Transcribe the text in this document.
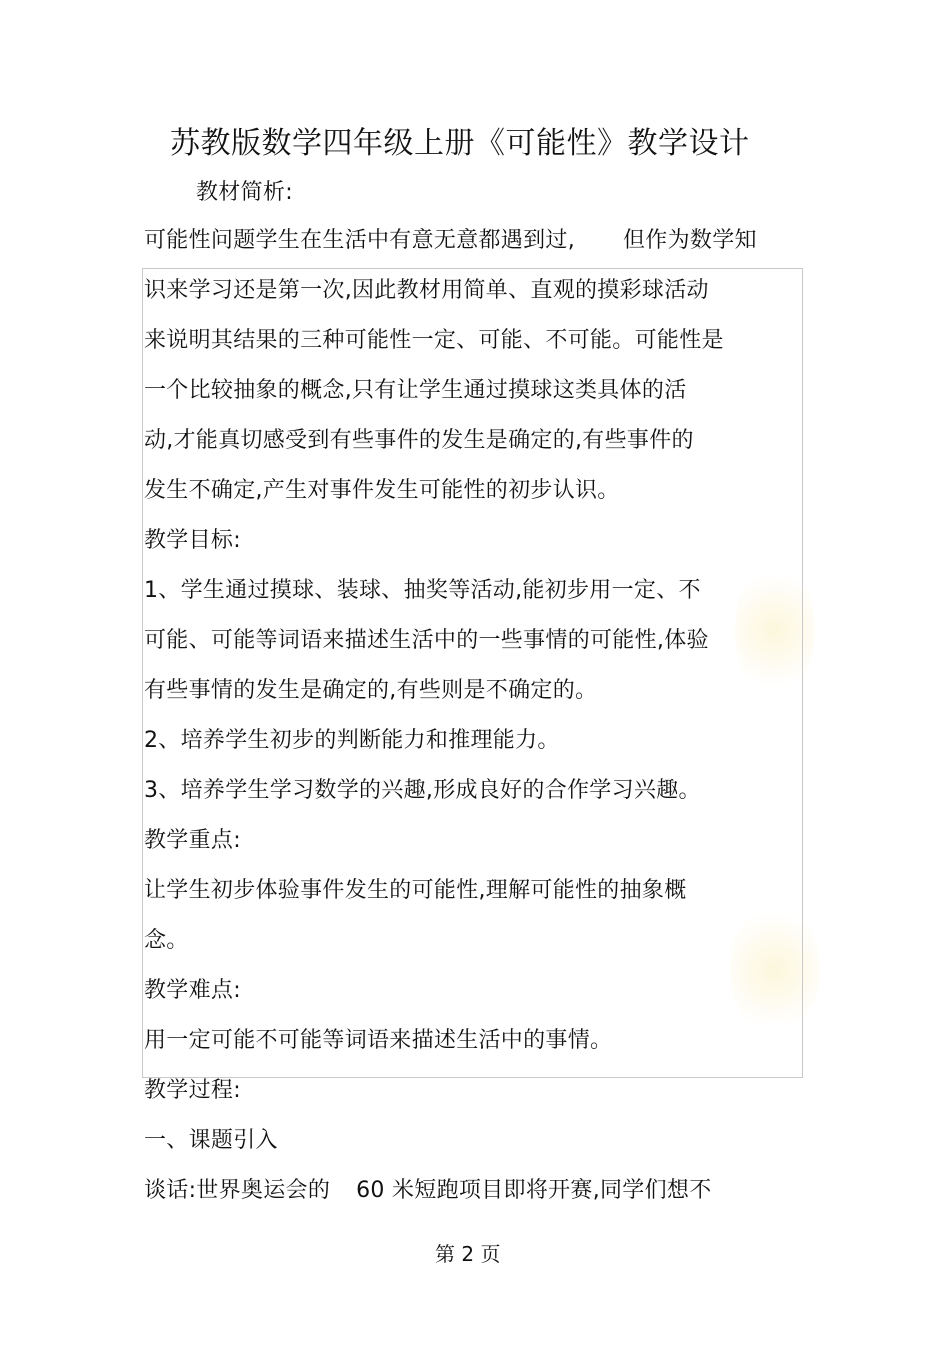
苏教版数学四年级上册《可能性》教学设计
教材简析:
可能性问题学生在生活中有意无意都遇到过, 但作为数学知
识来学习还是第一次,因此教材用简单、直观的摸彩球活动
来说明其结果的三种可能性一定、可能、不可能。可能性是
一个比较抽象的概念,只有让学生通过摸球这类具体的活
动,才能真切感受到有些事件的发生是确定的,有些事件的
发生不确定,产生对事件发生可能性的初步认识。
教学目标:
1、学生通过摸球、装球、抽奖等活动,能初步用一定、不
可能、可能等词语来描述生活中的一些事情的可能性,体验
有些事情的发生是确定的,有些则是不确定的。
2、培养学生初步的判断能力和推理能力。
3、培养学生学习数学的兴趣,形成良好的合作学习兴趣。
教学重点:
让学生初步体验事件发生的可能性,理解可能性的抽象概
念。
教学难点:
用一定可能不可能等词语来描述生活中的事情。
教学过程:
一、课题引入
谈话:世界奥运会的 60 米短跑项目即将开赛,同学们想不
第 2 页
